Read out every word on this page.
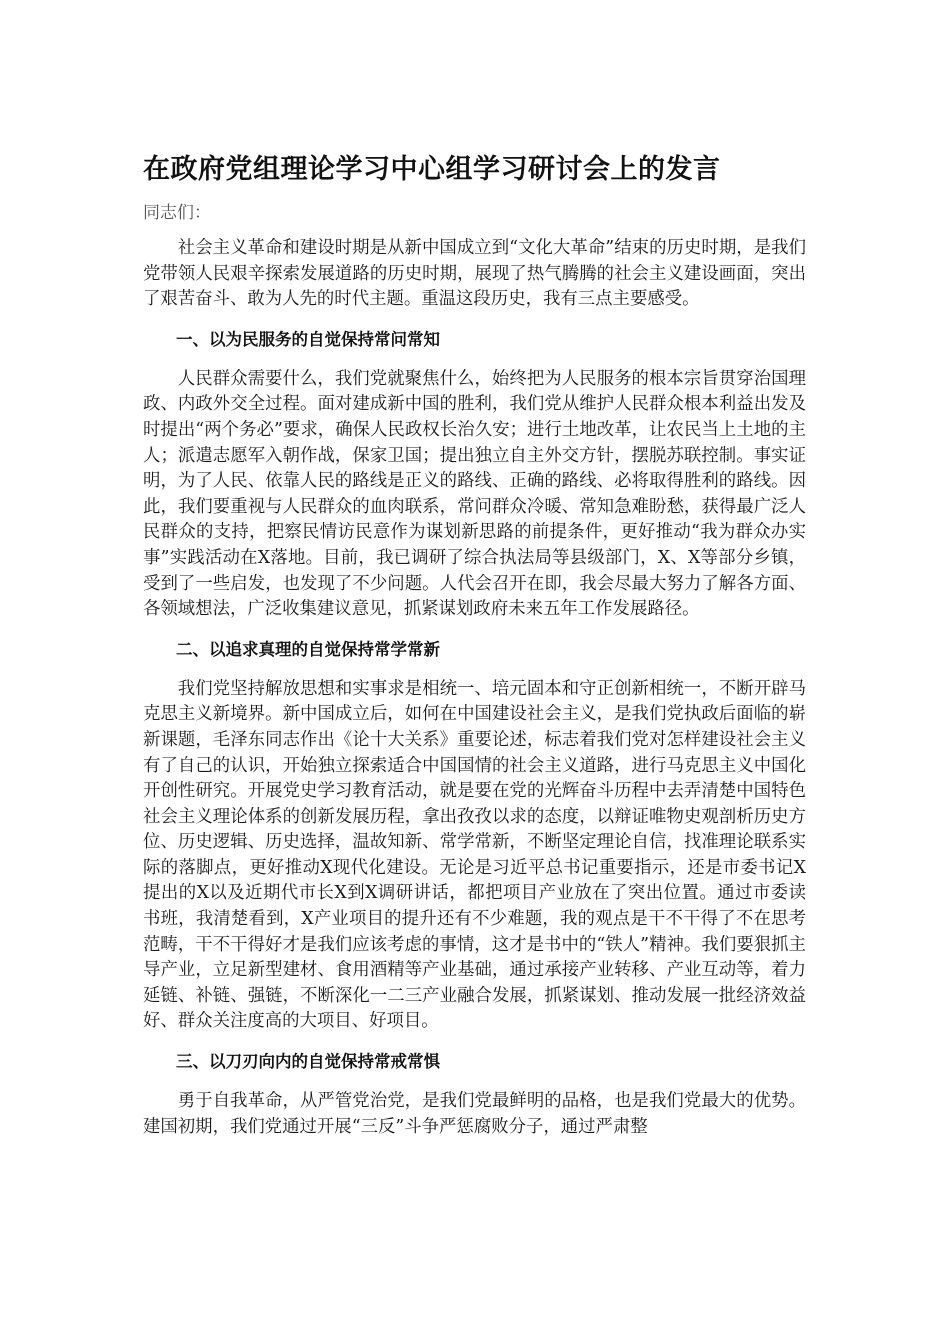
在政府党组理论学习中心组学习研讨会上的发言
同志们：

社会主义革命和建设时期是从新中国成立到“文化大革命”结束的历史时期，是我们党带领人民艰辛探索发展道路的历史时期，展现了热气腾腾的社会主义建设画面，突出了艰苦奋斗、敢为人先的时代主题。重温这段历史，我有三点主要感受。

一、以为民服务的自觉保持常问常知

人民群众需要什么，我们党就聚焦什么，始终把为人民服务的根本宗旨贯穿治国理政、内政外交全过程。面对建成新中国的胜利，我们党从维护人民群众根本利益出发及时提出“两个务必”要求，确保人民政权长治久安；进行土地改革，让农民当上土地的主人；派遣志愿军入朝作战，保家卫国；提出独立自主外交方针，摆脱苏联控制。事实证明，为了人民、依靠人民的路线是正义的路线、正确的路线、必将取得胜利的路线。因此，我们要重视与人民群众的血肉联系，常问群众冷暖、常知急难盼愁，获得最广泛人民群众的支持，把察民情访民意作为谋划新思路的前提条件，更好推动“我为群众办实事”实践活动在X落地。目前，我已调研了综合执法局等县级部门，X、X等部分乡镇，受到了一些启发，也发现了不少问题。人代会召开在即，我会尽最大努力了解各方面、各领域想法，广泛收集建议意见，抓紧谋划政府未来五年工作发展路径。

二、以追求真理的自觉保持常学常新

我们党坚持解放思想和实事求是相统一、培元固本和守正创新相统一，不断开辟马克思主义新境界。新中国成立后，如何在中国建设社会主义，是我们党执政后面临的崭新课题，毛泽东同志作出《论十大关系》重要论述，标志着我们党对怎样建设社会主义有了自己的认识，开始独立探索适合中国国情的社会主义道路，进行马克思主义中国化开创性研究。开展党史学习教育活动，就是要在党的光辉奋斗历程中去弄清楚中国特色社会主义理论体系的创新发展历程，拿出孜孜以求的态度，以辩证唯物史观剖析历史方位、历史逻辑、历史选择，温故知新、常学常新，不断坚定理论自信，找准理论联系实际的落脚点，更好推动X现代化建设。无论是习近平总书记重要指示，还是市委书记X提出的X以及近期代市长X到X调研讲话，都把项目产业放在了突出位置。通过市委读书班，我清楚看到，X产业项目的提升还有不少难题，我的观点是干不干得了不在思考范畴，干不干得好才是我们应该考虑的事情，这才是书中的“铁人”精神。我们要狠抓主导产业，立足新型建材、食用酒精等产业基础，通过承接产业转移、产业互动等，着力延链、补链、强链，不断深化一二三产业融合发展，抓紧谋划、推动发展一批经济效益好、群众关注度高的大项目、好项目。

三、以刀刃向内的自觉保持常戒常惧

勇于自我革命，从严管党治党，是我们党最鲜明的品格，也是我们党最大的优势。建国初期，我们党通过开展“三反”斗争严惩腐败分子，通过严肃整
